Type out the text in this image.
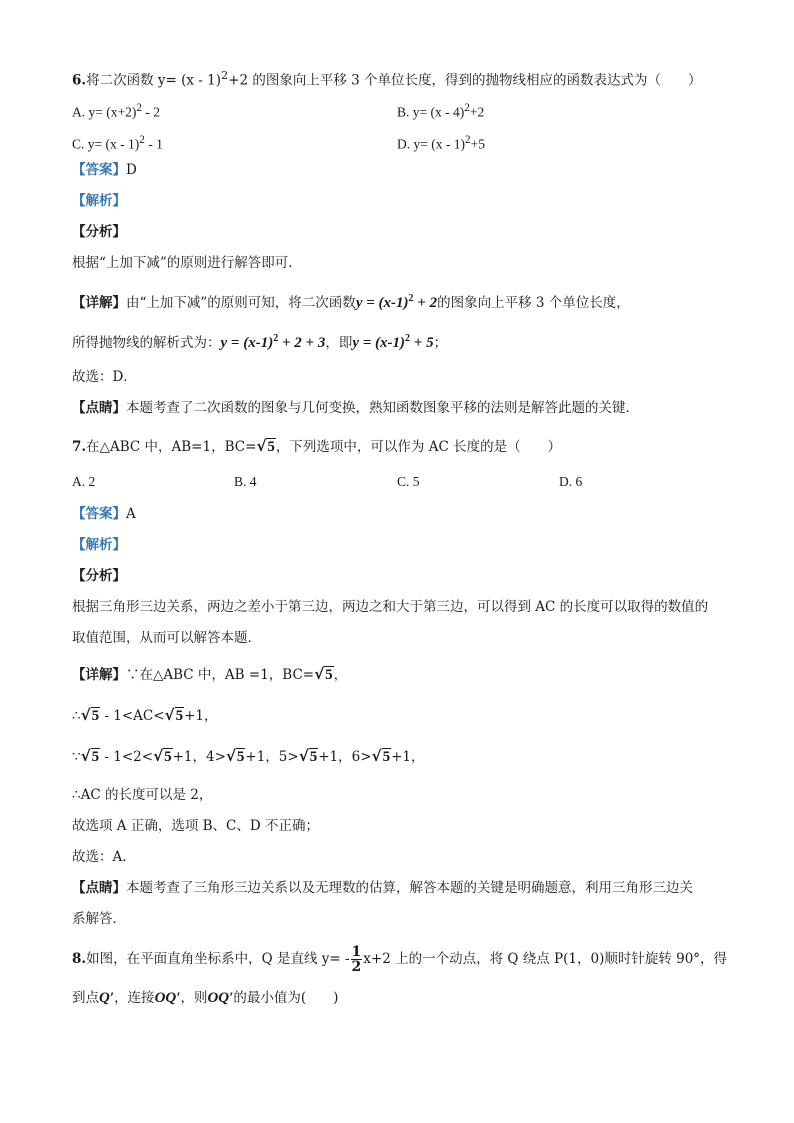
6.将二次函数 y= (x - 1)$^2$+2 的图象向上平移 3 个单位长度，得到的抛物线相应的函数表达式为（　　）
A. $y= (x+2)^2 - 2$	B. y= (x - 4)$^2$+2
C. y= (x - 1)$^2$ - 1	D. y= (x - 1)$^2$+5
【答案】D
【解析】
【分析】
根据“上加下减”的原则进行解答即可．
【详解】由“上加下减”的原则可知，将二次函数$y = (x-1)^2 + 2$的图象向上平移 3 个单位长度，
所得抛物线的解析式为：$y = (x-1)^2 + 2 + 3$，即$y = (x-1)^2 + 5$；
故选：D．
【点睛】本题考查了二次函数的图象与几何变换，熟知函数图象平移的法则是解答此题的关键．
7.在△ABC 中，AB=1，BC=√5，下列选项中，可以作为 AC 长度的是（　　）
A. 2	B. 4	C. 5	D. 6
【答案】A
【解析】
【分析】
根据三角形三边关系，两边之差小于第三边，两边之和大于第三边，可以得到 AC 的长度可以取得的数值的
取值范围，从而可以解答本题．
【详解】∵在△ABC 中，AB =1，BC=√5，
∴√5 - 1<AC<√5+1，
∵√5 - 1<2<√5+1，4>√5+1，5>√5+1，6>√5+1，
∴AC 的长度可以是 2，
故选项 A 正确，选项 B、C、D 不正确；
故选：A．
【点睛】本题考查了三角形三边关系以及无理数的估算，解答本题的关键是明确题意，利用三角形三边关
系解答．
8.如图，在平面直角坐标系中，Q 是直线 $y= - \frac{1}{2} x+2$ 上的一个动点，将 Q 绕点 P(1，0)顺时针旋转 90°，得
到点Q′，连接OQ′，则OQ′的最小值为(　　)
